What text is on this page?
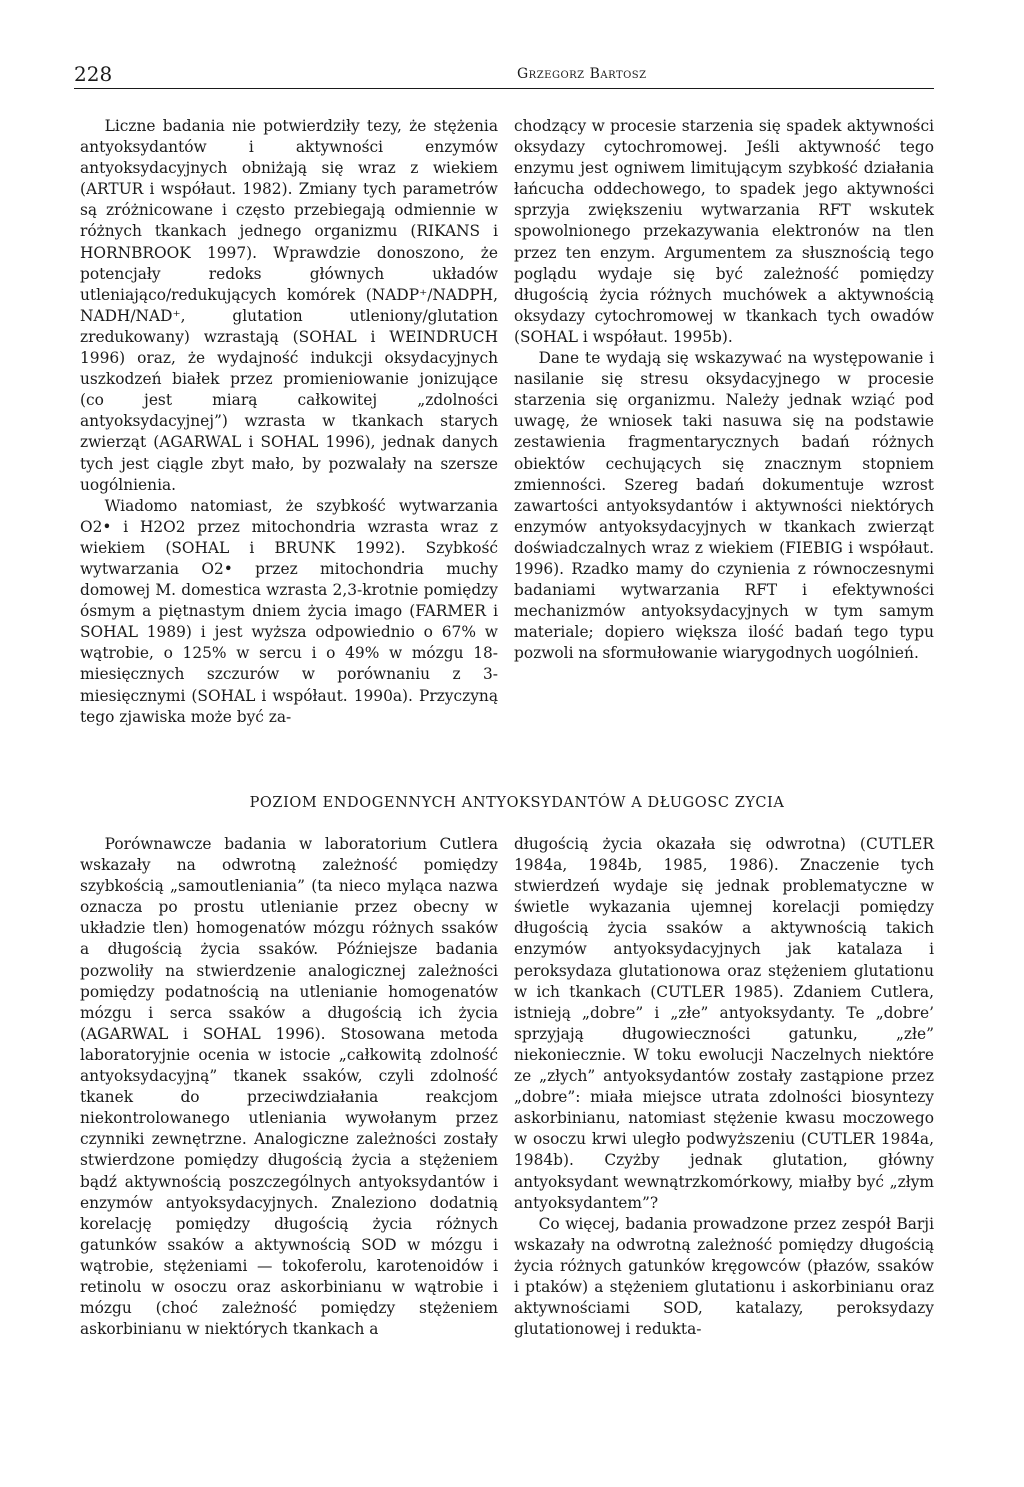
228	Grzegorz Bartosz

Liczne badania nie potwierdziły tezy, że stężenia antyoksydantów i aktywności enzymów antyoksydacyjnych obniżają się wraz z wiekiem (ARTUR i współaut. 1982). Zmiany tych parametrów są zróżnicowane i często przebiegają odmiennie w różnych tkankach jednego organizmu (RIKANS i HORNBROOK 1997). Wprawdzie donoszono, że potencjały redoks głównych układów utleniająco/redukujących komórek (NADP⁺/NADPH, NADH/NAD⁺, glutation utleniony/glutation zredukowany) wzrastają (SOHAL i WEINDRUCH 1996) oraz, że wydajność indukcji oksydacyjnych uszkodzeń białek przez promieniowanie jonizujące (co jest miarą całkowitej „zdolności antyoksydacyjnej”) wzrasta w tkankach starych zwierząt (AGARWAL i SOHAL 1996), jednak danych tych jest ciągle zbyt mało, by pozwalały na szersze uogólnienia.

Wiadomo natomiast, że szybkość wytwarzania O2• i H2O2 przez mitochondria wzrasta wraz z wiekiem (SOHAL i BRUNK 1992). Szybkość wytwarzania O2• przez mitochondria muchy domowej M. domestica wzrasta 2,3-krotnie pomiędzy ósmym a piętnastym dniem życia imago (FARMER i SOHAL 1989) i jest wyższa odpowiednio o 67% w wątrobie, o 125% w sercu i o 49% w mózgu 18-miesięcznych szczurów w porównaniu z 3-miesięcznymi (SOHAL i współaut. 1990a). Przyczyną tego zjawiska może być za-

chodzący w procesie starzenia się spadek aktywności oksydazy cytochromowej. Jeśli aktywność tego enzymu jest ogniwem limitującym szybkość działania łańcucha oddechowego, to spadek jego aktywności sprzyja zwiększeniu wytwarzania RFT wskutek spowolnionego przekazywania elektronów na tlen przez ten enzym. Argumentem za słusznością tego poglądu wydaje się być zależność pomiędzy długością życia różnych muchówek a aktywnością oksydazy cytochromowej w tkankach tych owadów (SOHAL i współaut. 1995b).

Dane te wydają się wskazywać na występowanie i nasilanie się stresu oksydacyjnego w procesie starzenia się organizmu. Należy jednak wziąć pod uwagę, że wniosek taki nasuwa się na podstawie zestawienia fragmentarycznych badań różnych obiektów cechujących się znacznym stopniem zmienności. Szereg badań dokumentuje wzrost zawartości antyoksydantów i aktywności niektórych enzymów antyoksydacyjnych w tkankach zwierząt doświadczalnych wraz z wiekiem (FIEBIG i współaut. 1996). Rzadko mamy do czynienia z równoczesnymi badaniami wytwarzania RFT i efektywności mechanizmów antyoksydacyjnych w tym samym materiale; dopiero większa ilość badań tego typu pozwoli na sformułowanie wiarygodnych uogólnień.

POZIOM ENDOGENNYCH ANTYOKSYDANTÓW A DŁUGOSC ZYCIA

Porównawcze badania w laboratorium Cutlera wskazały na odwrotną zależność pomiędzy szybkością „samoutleniania” (ta nieco myląca nazwa oznacza po prostu utlenianie przez obecny w układzie tlen) homogenatów mózgu różnych ssaków a długością życia ssaków. Późniejsze badania pozwoliły na stwierdzenie analogicznej zależności pomiędzy podatnością na utlenianie homogenatów mózgu i serca ssaków a długością ich życia (AGARWAL i SOHAL 1996). Stosowana metoda laboratoryjnie ocenia w istocie „całkowitą zdolność antyoksydacyjną” tkanek ssaków, czyli zdolność tkanek do przeciwdziałania reakcjom niekontrolowanego utleniania wywołanym przez czynniki zewnętrzne. Analogiczne zależności zostały stwierdzone pomiędzy długością życia a stężeniem bądź aktywnością poszczególnych antyoksydantów i enzymów antyoksydacyjnych. Znaleziono dodatnią korelację pomiędzy długością życia różnych gatunków ssaków a aktywnością SOD w mózgu i wątrobie, stężeniami — tokoferolu, karotenoidów i retinolu w osoczu oraz askorbinianu w wątrobie i mózgu (choć zależność pomiędzy stężeniem askorbinianu w niektórych tkankach a

długością życia okazała się odwrotna) (CUTLER 1984a, 1984b, 1985, 1986). Znaczenie tych stwierdzeń wydaje się jednak problematyczne w świetle wykazania ujemnej korelacji pomiędzy długością życia ssaków a aktywnością takich enzymów antyoksydacyjnych jak katalaza i peroksydaza glutationowa oraz stężeniem glutationu w ich tkankach (CUTLER 1985). Zdaniem Cutlera, istnieją „dobre” i „złe” antyoksydanty. Te „dobre’ sprzyjają długowieczności gatunku, „złe” niekoniecznie. W toku ewolucji Naczelnych niektóre ze „złych” antyoksydantów zostały zastąpione przez „dobre”: miała miejsce utrata zdolności biosyntezy askorbinianu, natomiast stężenie kwasu moczowego w osoczu krwi uległo podwyższeniu (CUTLER 1984a, 1984b). Czyżby jednak glutation, główny antyoksydant wewnątrzkomórkowy, miałby być „złym antyoksydantem”?

Co więcej, badania prowadzone przez zespół Barji wskazały na odwrotną zależność pomiędzy długością życia różnych gatunków kręgowców (płazów, ssaków i ptaków) a stężeniem glutationu i askorbinianu oraz aktywnościami SOD, katalazy, peroksydazy glutationowej i redukta-
